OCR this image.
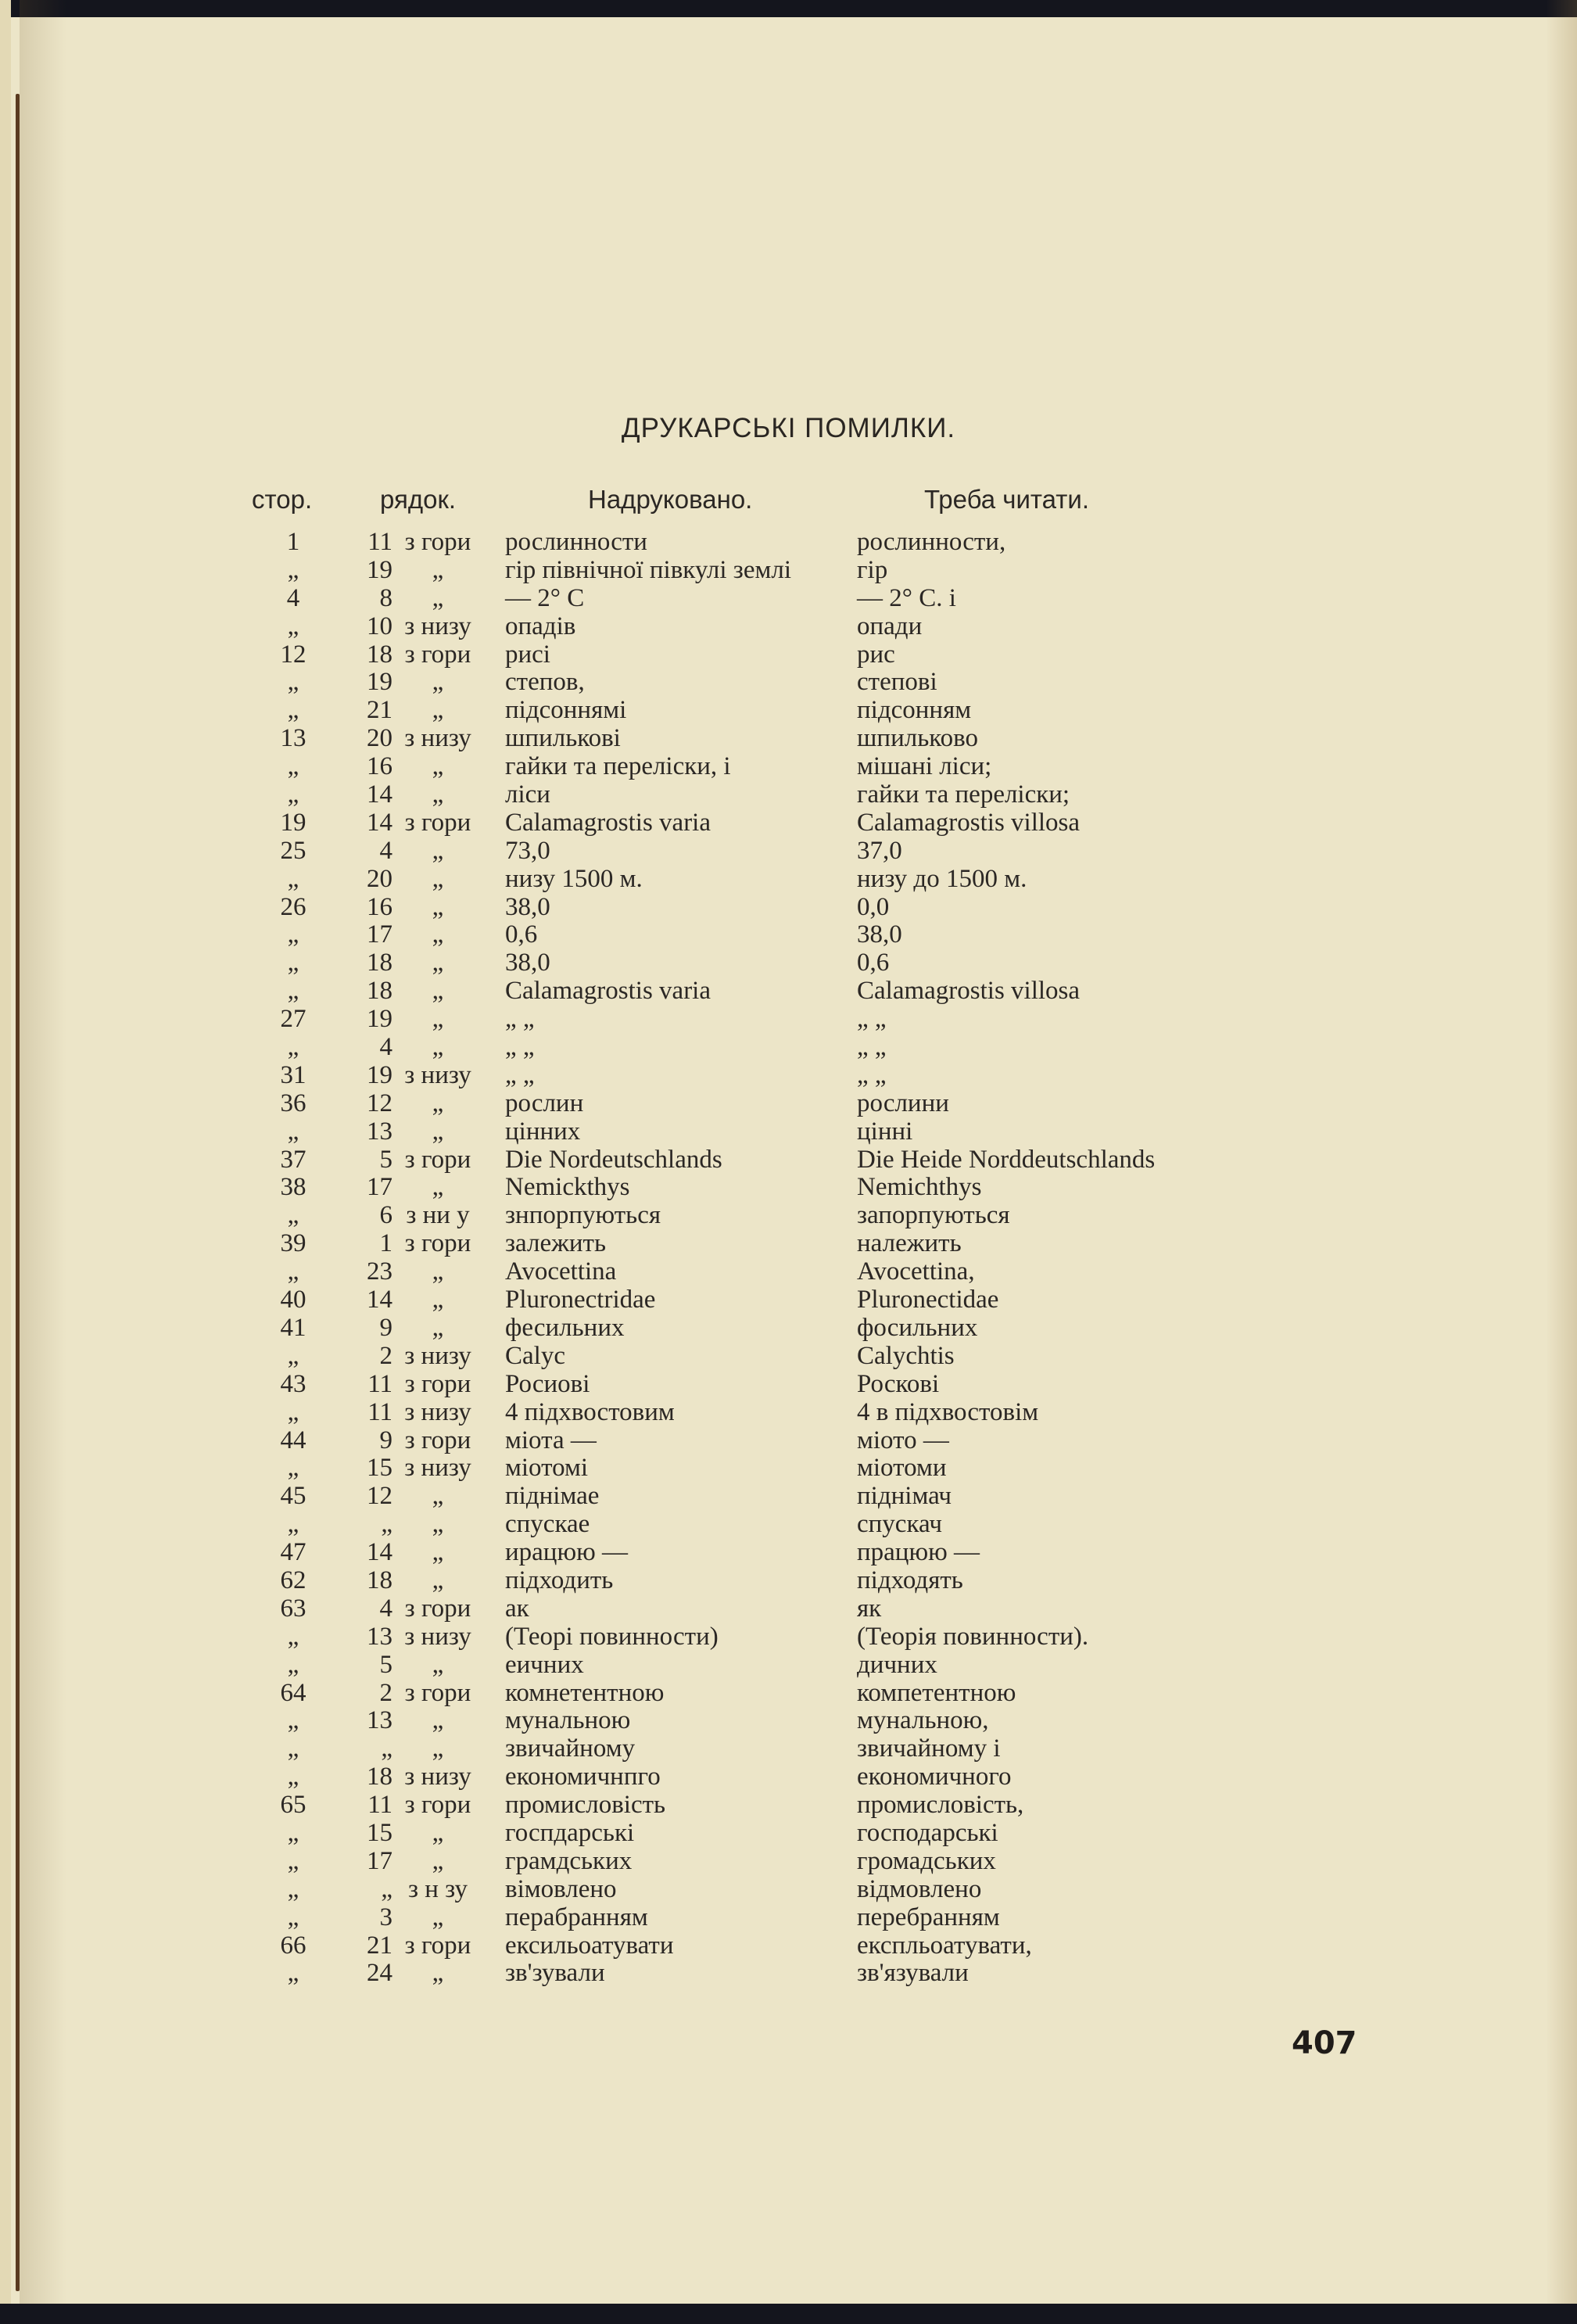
ДРУКАРСЬКІ ПОМИЛКИ.
стор.	рядок.	Надруковано.	Треба читати.
1	11 з гори	рослинности	рослинности,
„	19	„	гір північної півкулі землі	гір
4	8	„	— 2° С	— 2° С. і
„	10 з низу	опадів	опади
12	18 з гори	рисі	рис
„	19	„	степов,	степові
„	21	„	підсоннямі	підсонням
13	20 з низу	шпилькові	шпильково
„	16	„	гайки та перелiски, і	мішані ліси;
„	14	„	ліси	гайки та перелiски;
19	14 з гори	Calamagrostis varia	Calamagrostis villosa
25	4	„	73,0	37,0
„	20	„	низу 1500 м.	низу до 1500 м.
26	16	„	38,0	0,0
„	17	„	0,6	38,0
„	18	„	38,0	0,6
„	18	„	Calamagrostis varia	Calamagrostis villosa
27	19	„	„ „	„ „
„	4	„	„ „	„ „
31	19 з низу	„ „	„ „
36	12	„	рослин	рослини
„	13	„	цінних	цінні
37	5 з гори	Die Nordeutschlands	Die Heide Norddeutschlands
38	17	„	Nemickthys	Nemichthys
„	6 з ни у	знпорпуються	запорпуються
39	1 з гори	залежить	належить
„	23	„	Avocettina	Avocettina,
40	14	„	Pluronectridae	Pluronectidae
41	9	„	фесильних	фосильних
„	2 з низу	Calyc	Calychtis
43	11 з гори	Росиові	Роскові
„	11 з низу	4 підхвостовим	4 в підхвостовім
44	9 з гори	міота —	міото —
„	15 з низу	міотомі	міотоми
45	12	„	піднімае	піднімач
„	„	„	спускае	спускач
47	14	„	ирацюю —	працюю —
62	18	„	підходить	підходять
63	4 з гори	ак	як
„	13 з низу	(Теорі повинности)	(Теорія повинности).
„	5	„	еичних	дичних
64	2 з гори	комнетентною	компетентною
„	13	„	мунальною	мунальною,
„	„	„	звичайному	звичайному і
„	18 з низу	економичнпго	економичного
65	11 з гори	промисловість	промисловість,
„	15	„	госпдарські	господарські
„	17	„	грамдських	громадських
„	„ з н зу	вімовлено	відмовлено
„	3	„	перабранням	перебранням
66	21 з гори	ексильоатувати	експльоатувати,
„	24	„	зв'зували	зв'язували
407
